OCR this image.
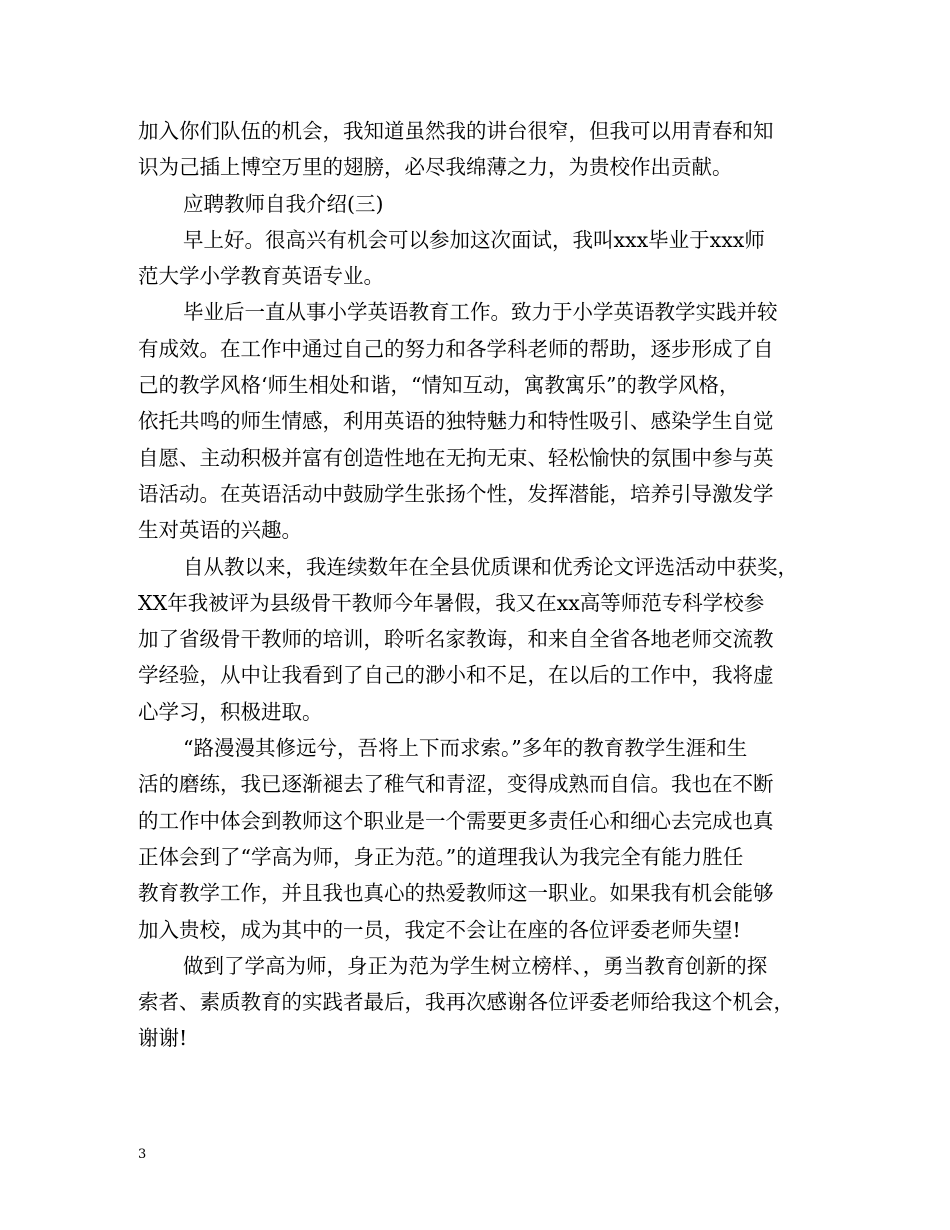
加入你们队伍的机会，我知道虽然我的讲台很窄，但我可以用青春和知
识为己插上博空万里的翅膀，必尽我绵薄之力，为贵校作出贡献。
应聘教师自我介绍(三)
早上好。很高兴有机会可以参加这次面试，我叫xxx毕业于xxx师
范大学小学教育英语专业。
毕业后一直从事小学英语教育工作。致力于小学英语教学实践并较
有成效。在工作中通过自己的努力和各学科老师的帮助，逐步形成了自
己的教学风格‘师生相处和谐，“情知互动，寓教寓乐”的教学风格，
依托共鸣的师生情感，利用英语的独特魅力和特性吸引、感染学生自觉
自愿、主动积极并富有创造性地在无拘无束、轻松愉快的氛围中参与英
语活动。在英语活动中鼓励学生张扬个性，发挥潜能，培养引导激发学
生对英语的兴趣。
自从教以来，我连续数年在全县优质课和优秀论文评选活动中获奖，
XX年我被评为县级骨干教师今年暑假，我又在xx高等师范专科学校参
加了省级骨干教师的培训，聆听名家教诲，和来自全省各地老师交流教
学经验，从中让我看到了自己的渺小和不足，在以后的工作中，我将虚
心学习，积极进取。
“路漫漫其修远兮，吾将上下而求索。”多年的教育教学生涯和生
活的磨练，我已逐渐褪去了稚气和青涩，变得成熟而自信。我也在不断
的工作中体会到教师这个职业是一个需要更多责任心和细心去完成也真
正体会到了“学高为师，身正为范。”的道理我认为我完全有能力胜任
教育教学工作，并且我也真心的热爱教师这一职业。如果我有机会能够
加入贵校，成为其中的一员，我定不会让在座的各位评委老师失望!
做到了学高为师，身正为范为学生树立榜样、，勇当教育创新的探
索者、素质教育的实践者最后，我再次感谢各位评委老师给我这个机会，
谢谢!
3
